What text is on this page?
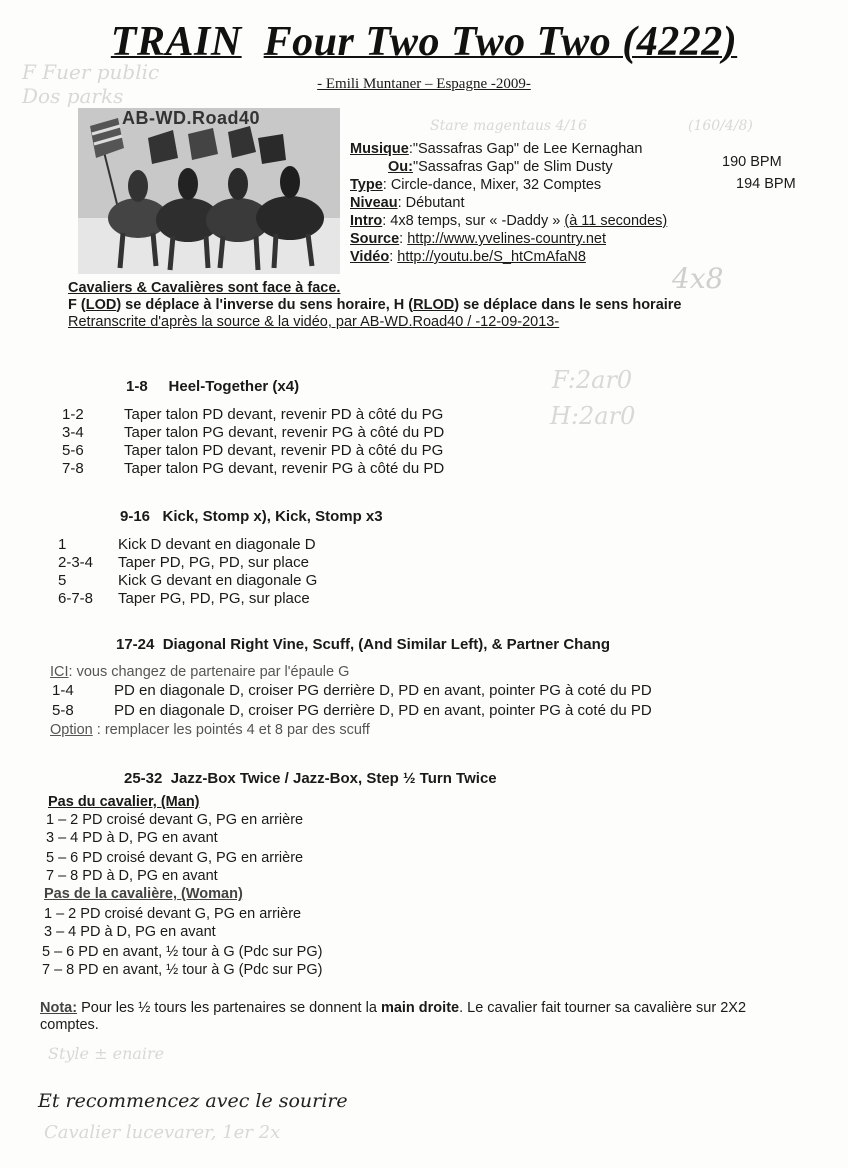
F Fuer public
Dos parks
Stare magentaus 4/16	(160/4/8)
4x8
F:2ar0
H:2ar0
TRAIN Four Two Two Two (4222)
- Emili Muntaner – Espagne -2009-
AB-WD.Road40
Musique:"Sassafras Gap" de Lee Kernaghan
Ou:"Sassafras Gap" de Slim Dusty
Type: Circle-dance, Mixer, 32 Comptes
Niveau: Débutant
Intro: 4x8 temps, sur « -Daddy » (à 11 secondes)
Source: http://www.yvelines-country.net
Vidéo: http://youtu.be/S_htCmAfaN8
190 BPM
194 BPM
Cavaliers & Cavalières sont face à face.
F (LOD) se déplace à l'inverse du sens horaire, H (RLOD) se déplace dans le sens horaire
Retranscrite d'après la source & la vidéo, par AB-WD.Road40 / -12-09-2013-
1-8 Heel-Together (x4)
1-2	Taper talon PD devant, revenir PD à côté du PG
3-4	Taper talon PG devant, revenir PG à côté du PD
5-6	Taper talon PD devant, revenir PD à côté du PG
7-8	Taper talon PG devant, revenir PG à côté du PD
9-16 Kick, Stomp x), Kick, Stomp x3
1	Kick D devant en diagonale D
2-3-4 Taper PD, PG, PD, sur place
5	Kick G devant en diagonale G
6-7-8 Taper PG, PD, PG, sur place
17-24 Diagonal Right Vine, Scuff, (And Similar Left), & Partner Chang
ICI: vous changez de partenaire par l'épaule G
1-4	PD en diagonale D, croiser PG derrière D, PD en avant, pointer PG à coté du PD
5-8	PD en diagonale D, croiser PG derrière D, PD en avant, pointer PG à coté du PD
Option : remplacer les pointés 4 et 8 par des scuff
25-32 Jazz-Box Twice / Jazz-Box, Step ½ Turn Twice
Pas du cavalier, (Man)
1 – 2 PD croisé devant G, PG en arrière
3 – 4 PD à D, PG en avant
5 – 6 PD croisé devant G, PG en arrière
7 – 8 PD à D, PG en avant
Pas de la cavalière, (Woman)
1 – 2 PD croisé devant G, PG en arrière
3 – 4 PD à D, PG en avant
5 – 6 PD en avant, ½ tour à G (Pdc sur PG)
7 – 8 PD en avant, ½ tour à G (Pdc sur PG)
Nota: Pour les ½ tours les partenaires se donnent la main droite. Le cavalier fait tourner sa cavalière sur 2X2 comptes.
Style ± enaire
Et recommencez avec le sourire
Cavalier lucevarer, 1er 2x
